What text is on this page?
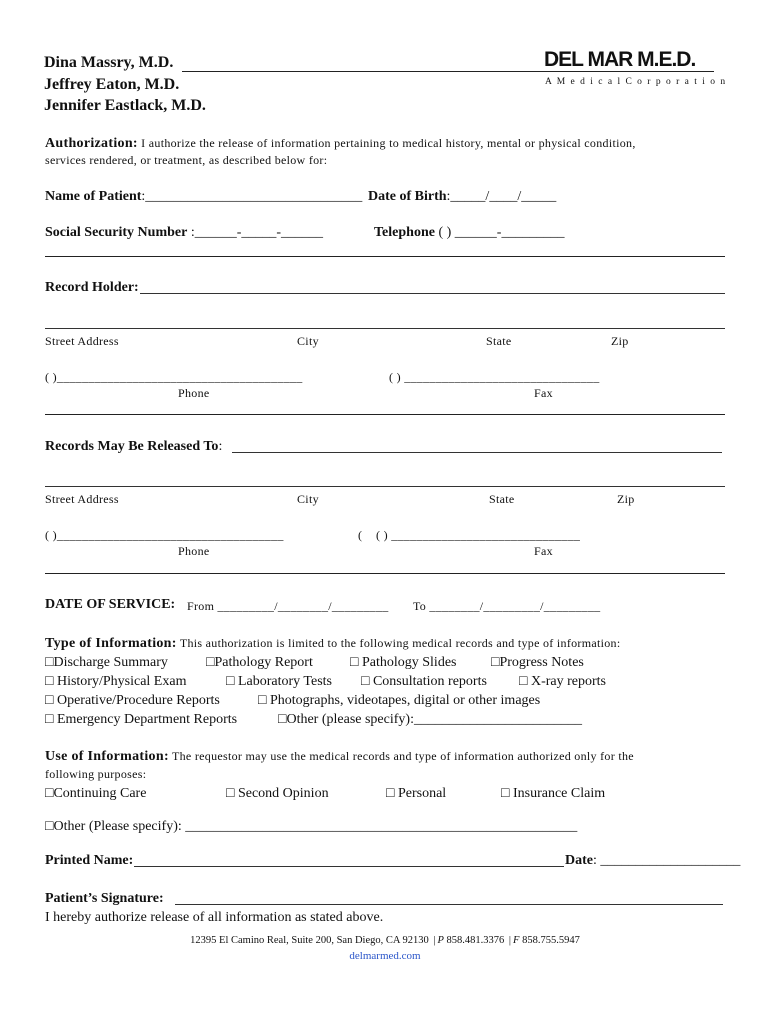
Dina Massry, M.D.
Jeffrey Eaton, M.D.
Jennifer Eastlack, M.D.
DEL MAR M.E.D.
A M e d i c a l C o r p o r a t i o n
Authorization: I authorize the release of information pertaining to medical history, mental or physical condition,
services rendered, or treatment, as described below for:
Name of Patient:_______________________________ Date of Birth:_____/____/_____
Social Security Number :______-_____-______	Telephone ( ) ______-_________
Record Holder:
Street Address	City	State	Zip
( )_______________________________________	( ) _______________________________
Phone	Fax
Records May Be Released To:
Street Address	City	State	Zip
( )____________________________________	( ( ) ______________________________
Phone	Fax
DATE OF SERVICE: From _________/________/_________ To ________/_________/_________
Type of Information: This authorization is limited to the following medical records and type of information:
□ Discharge Summary	□ Pathology Report	□ Pathology Slides	□ Progress Notes
□ History/Physical Exam	□ Laboratory Tests	□ Consultation reports	□ X-ray reports
□ Operative/Procedure Reports	□ Photographs, videotapes, digital or other images
□ Emergency Department Reports	□ Other (please specify):________________________
Use of Information: The requestor may use the medical records and type of information authorized only for the
following purposes:
□ Continuing Care	□ Second Opinion	□ Personal	□ Insurance Claim
□ Other (Please specify): ________________________________________________________
Printed Name:	Date: ____________________
Patient’s Signature:
I hereby authorize release of all information as stated above.
12395 El Camino Real, Suite 200, San Diego, CA 92130 | P 858.481.3376 | F 858.755.5947
delmarmed.com
